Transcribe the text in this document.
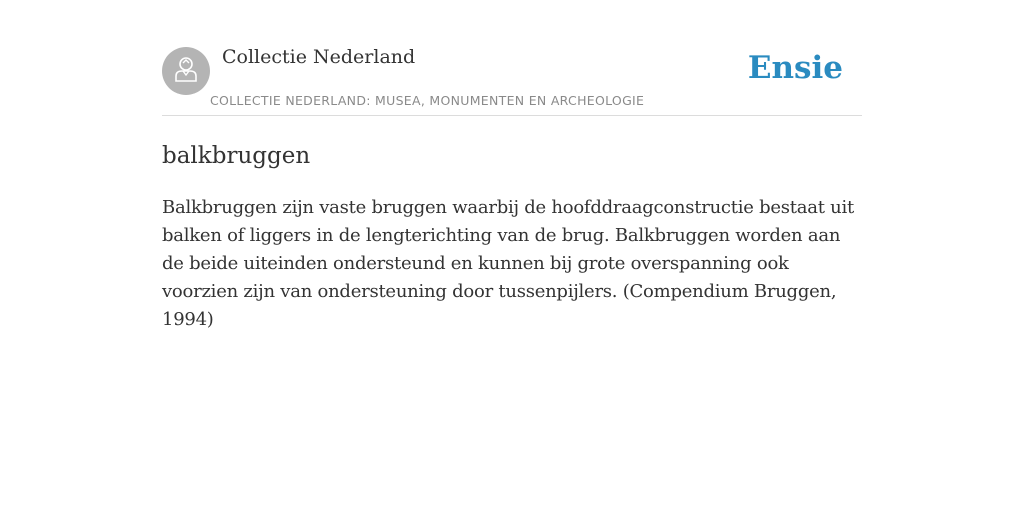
Collectie Nederland
COLLECTIE NEDERLAND: MUSEA, MONUMENTEN EN ARCHEOLOGIE
Ensie
balkbruggen

Balkbruggen zijn vaste bruggen waarbij de hoofddraagconstructie bestaat uit balken of liggers in de lengterichting van de brug. Balkbruggen worden aan de beide uiteinden ondersteund en kunnen bij grote overspanning ook voorzien zijn van ondersteuning door tussenpijlers. (Compendium Bruggen, 1994)
